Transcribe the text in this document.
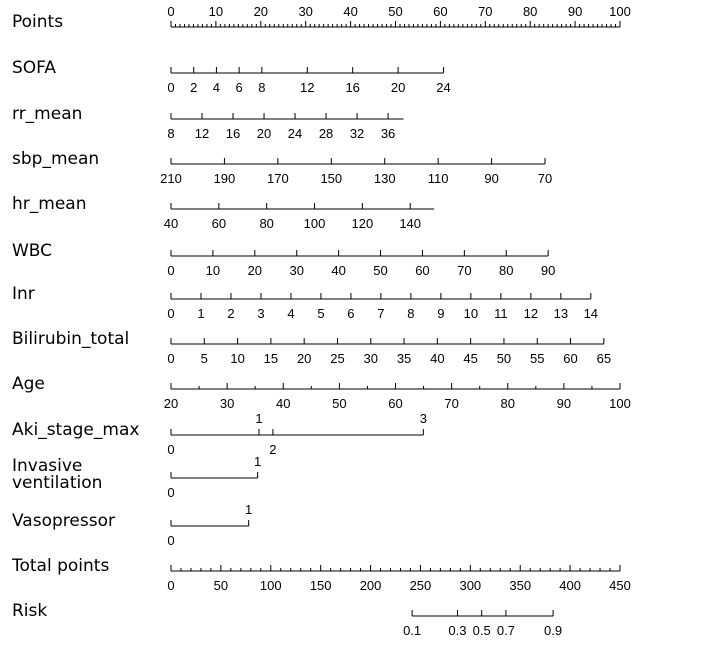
Points
0	10 20 30 40 50 60 70 80 90 100
SOFA
0 2 4 6 8	12 16 20 24
rr_mean
8 12 16 20 24 28 32 36
sbp_mean
210 190 170 150 130 110	90	70
hr_mean
40	60	80 100 120 140
WBC
0 10 20 30 40 50 60 70 80 90
Inr
0 1 2 3 4 5 6 7 8 9 10 11 12 13 14
Bilirubin_total
0 5 10 15 20 25 30 35 40 45 50 55 60 65
Age
20	30	40	50	60	70	80	90	100
Aki_stage_max
0
1
2
3
Invasive
ventilation	0
1
Vasopressor
0
1
Total points
0	50 100 150 200 250 300 350 400 450
Risk
0.1 0.3 0.5 0.7 0.9
